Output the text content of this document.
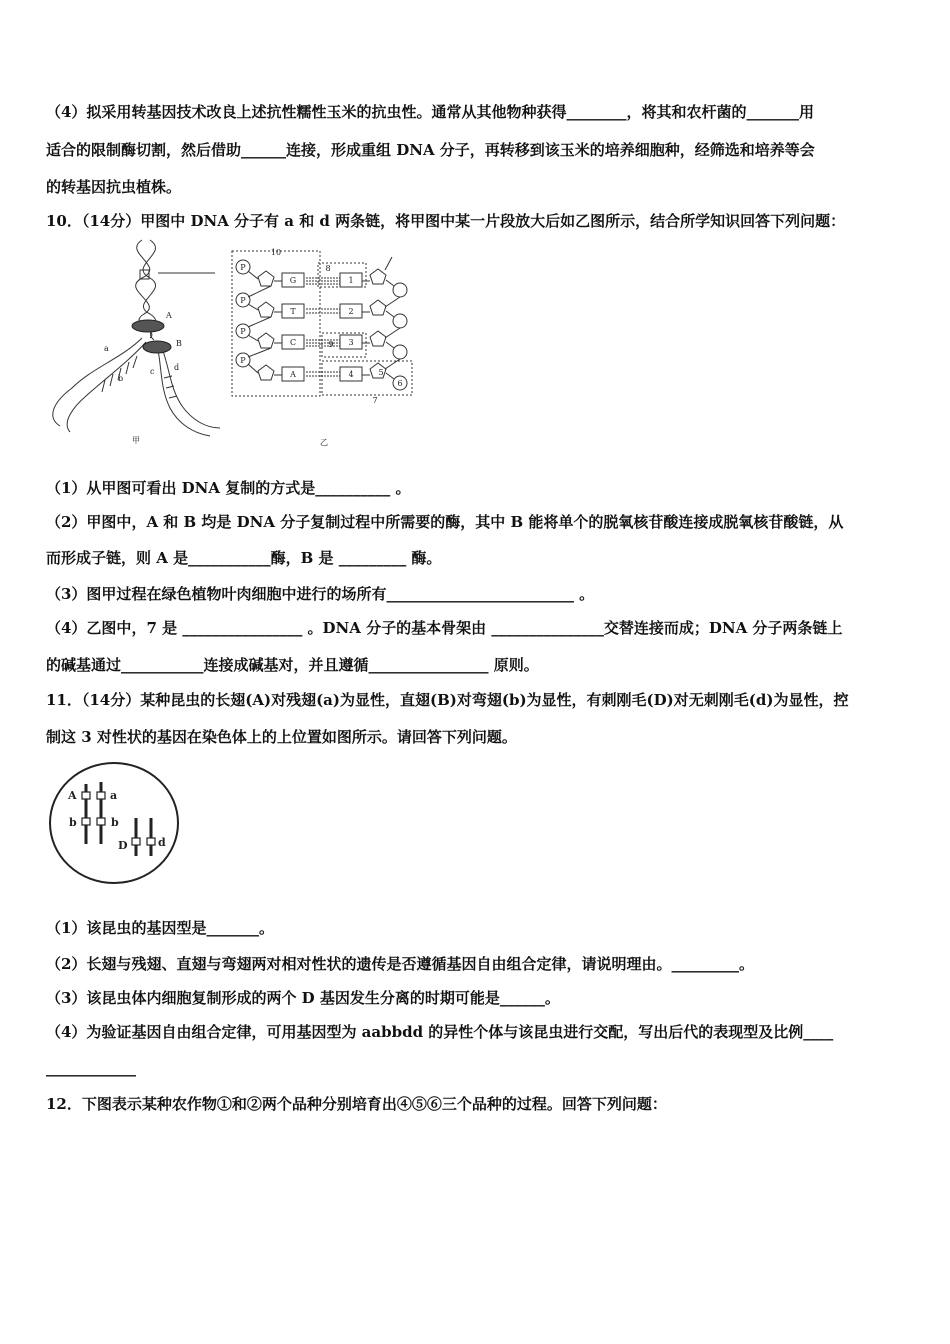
（4）拟采用转基因技术改良上述抗性糯性玉米的抗虫性。通常从其他物种获得________，将其和农杆菌的_______用
适合的限制酶切割，然后借助______连接，形成重组 DNA 分子，再转移到该玉米的培养细胞种，经筛选和培养等会
的转基因抗虫植株。
10．（14分）甲图中 DNA 分子有 a 和 d 两条链，将甲图中某一片段放大后如乙图所示，结合所学知识回答下列问题：
A
B
a
b
c d
甲
P
P
P
P
G
T
C
A
1
2
3
4	5
6
7
8
9
10
乙
（1）从甲图可看出 DNA 复制的方式是__________ 。
（2）甲图中，A 和 B 均是 DNA 分子复制过程中所需要的酶，其中 B 能将单个的脱氧核苷酸连接成脱氧核苷酸链，从
而形成子链，则 A 是___________酶，B 是 _________ 酶。
（3）图甲过程在绿色植物叶肉细胞中进行的场所有_________________________ 。
（4）乙图中，7 是 ________________ 。DNA 分子的基本骨架由 _______________交替连接而成；DNA 分子两条链上
的碱基通过___________连接成碱基对，并且遵循________________ 原则。
11．（14分）某种昆虫的长翅(A)对残翅(a)为显性，直翅(B)对弯翅(b)为显性，有刺刚毛(D)对无刺刚毛(d)为显性，控
制这 3 对性状的基因在染色体上的上位置如图所示。请回答下列问题。
A	a
b	b
D	d
（1）该昆虫的基因型是_______。
（2）长翅与残翅、直翅与弯翅两对相对性状的遗传是否遵循基因自由组合定律，请说明理由。_________。
（3）该昆虫体内细胞复制形成的两个 D 基因发生分离的时期可能是______。
（4）为验证基因自由组合定律，可用基因型为 aabbdd 的异性个体与该昆虫进行交配，写出后代的表现型及比例____
____________
12．下图表示某种农作物①和②两个品种分别培育出④⑤⑥三个品种的过程。回答下列问题：
